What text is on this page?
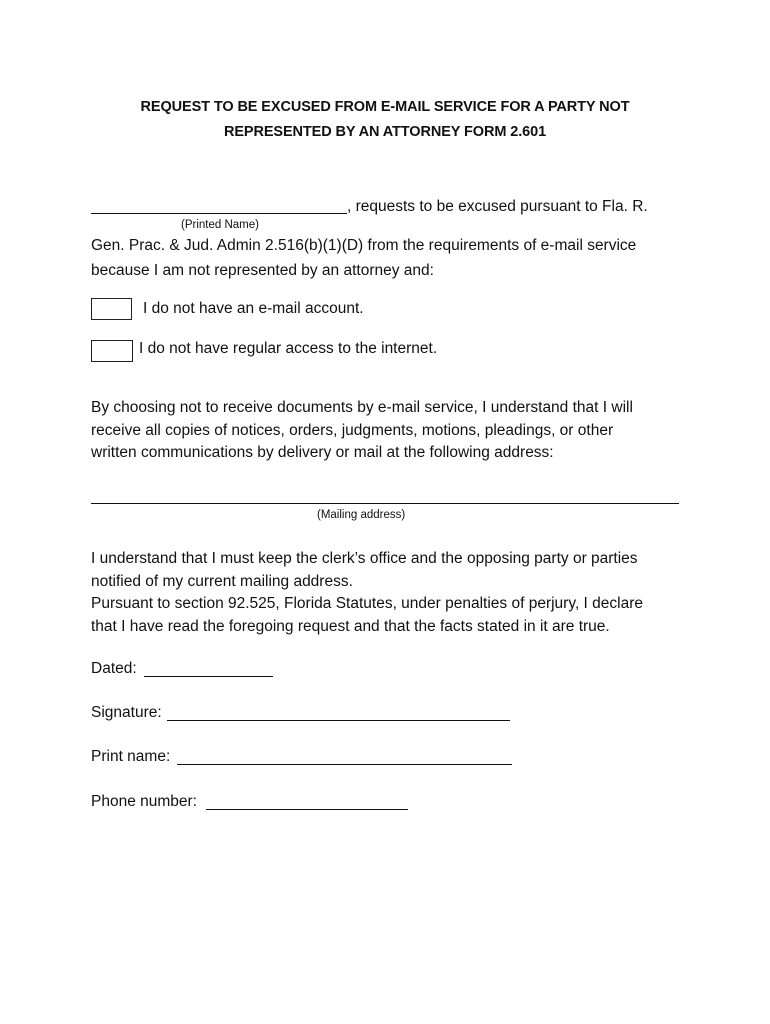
REQUEST TO BE EXCUSED FROM E-MAIL SERVICE FOR A PARTY NOT
REPRESENTED BY AN ATTORNEY FORM 2.601
, requests to be excused pursuant to Fla. R.
(Printed Name)
Gen. Prac. & Jud. Admin 2.516(b)(1)(D) from the requirements of e-mail service
because I am not represented by an attorney and:
I do not have an e-mail account.
I do not have regular access to the internet.
By choosing not to receive documents by e-mail service, I understand that I will
receive all copies of notices, orders, judgments, motions, pleadings, or other
written communications by delivery or mail at the following address:
(Mailing address)
I understand that I must keep the clerk’s office and the opposing party or parties
notified of my current mailing address.
Pursuant to section 92.525, Florida Statutes, under penalties of perjury, I declare
that I have read the foregoing request and that the facts stated in it are true.
Dated:
Signature:
Print name:
Phone number:
